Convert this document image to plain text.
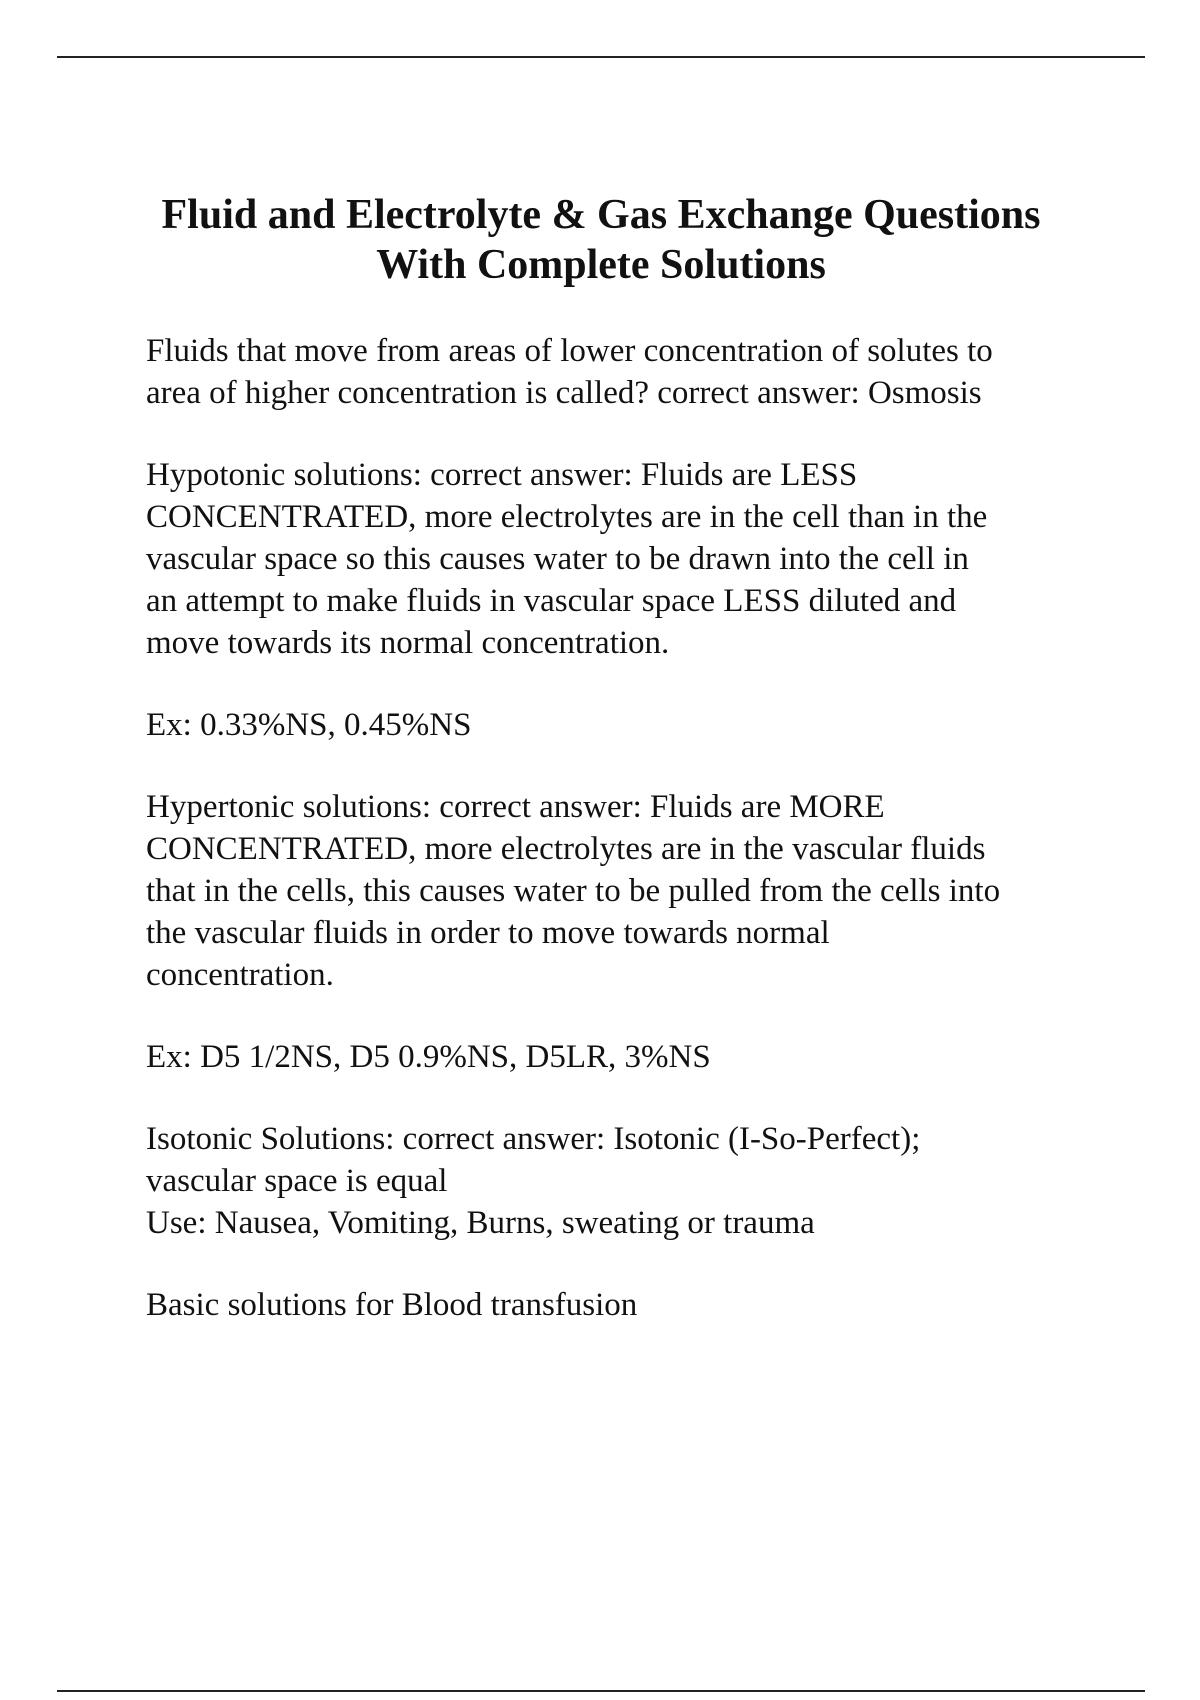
Fluid and Electrolyte & Gas Exchange Questions
With Complete Solutions

Fluids that move from areas of lower concentration of solutes to
area of higher concentration is called? correct answer: Osmosis

Hypotonic solutions: correct answer: Fluids are LESS
CONCENTRATED, more electrolytes are in the cell than in the
vascular space so this causes water to be drawn into the cell in
an attempt to make fluids in vascular space LESS diluted and
move towards its normal concentration.

Ex: 0.33%NS, 0.45%NS

Hypertonic solutions: correct answer: Fluids are MORE
CONCENTRATED, more electrolytes are in the vascular fluids
that in the cells, this causes water to be pulled from the cells into
the vascular fluids in order to move towards normal
concentration.

Ex: D5 1/2NS, D5 0.9%NS, D5LR, 3%NS

Isotonic Solutions: correct answer: Isotonic (I-So-Perfect);
vascular space is equal
Use: Nausea, Vomiting, Burns, sweating or trauma

Basic solutions for Blood transfusion
